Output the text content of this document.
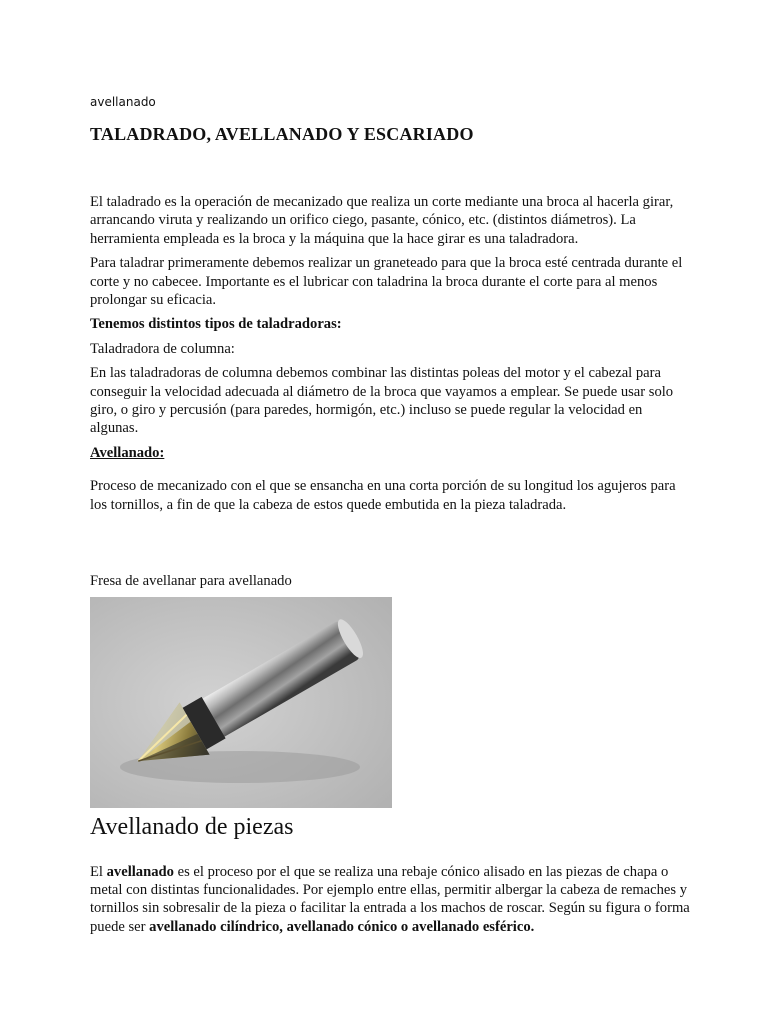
avellanado
TALADRADO, AVELLANADO Y ESCARIADO

El taladrado es la operación de mecanizado que realiza un corte mediante una broca al hacerla girar, arrancando viruta y realizando un orifico ciego, pasante, cónico, etc. (distintos diámetros). La herramienta empleada es la broca y la máquina que la hace girar es una taladradora.

Para taladrar primeramente debemos realizar un graneteado para que la broca esté centrada durante el corte y no cabecee. Importante es el lubricar con taladrina la broca durante el corte para al menos prolongar su eficacia.

Tenemos distintos tipos de taladradoras:

Taladradora de columna:

En las taladradoras de columna debemos combinar las distintas poleas del motor y el cabezal para conseguir la velocidad adecuada al diámetro de la broca que vayamos a emplear. Se puede usar solo giro, o giro y percusión (para paredes, hormigón, etc.) incluso se puede regular la velocidad en algunas.

Avellanado:

Proceso de mecanizado con el que se ensancha en una corta porción de su longitud los agujeros para los tornillos, a fin de que la cabeza de estos quede embutida en la pieza taladrada.

Fresa de avellanar para avellanado
Avellanado de piezas

El avellanado es el proceso por el que se realiza una rebaje cónico alisado en las piezas de chapa o metal con distintas funcionalidades. Por ejemplo entre ellas, permitir albergar la cabeza de remaches y tornillos sin sobresalir de la pieza o facilitar la entrada a los machos de roscar. Según su figura o forma puede ser avellanado cilíndrico, avellanado cónico o avellanado esférico.
